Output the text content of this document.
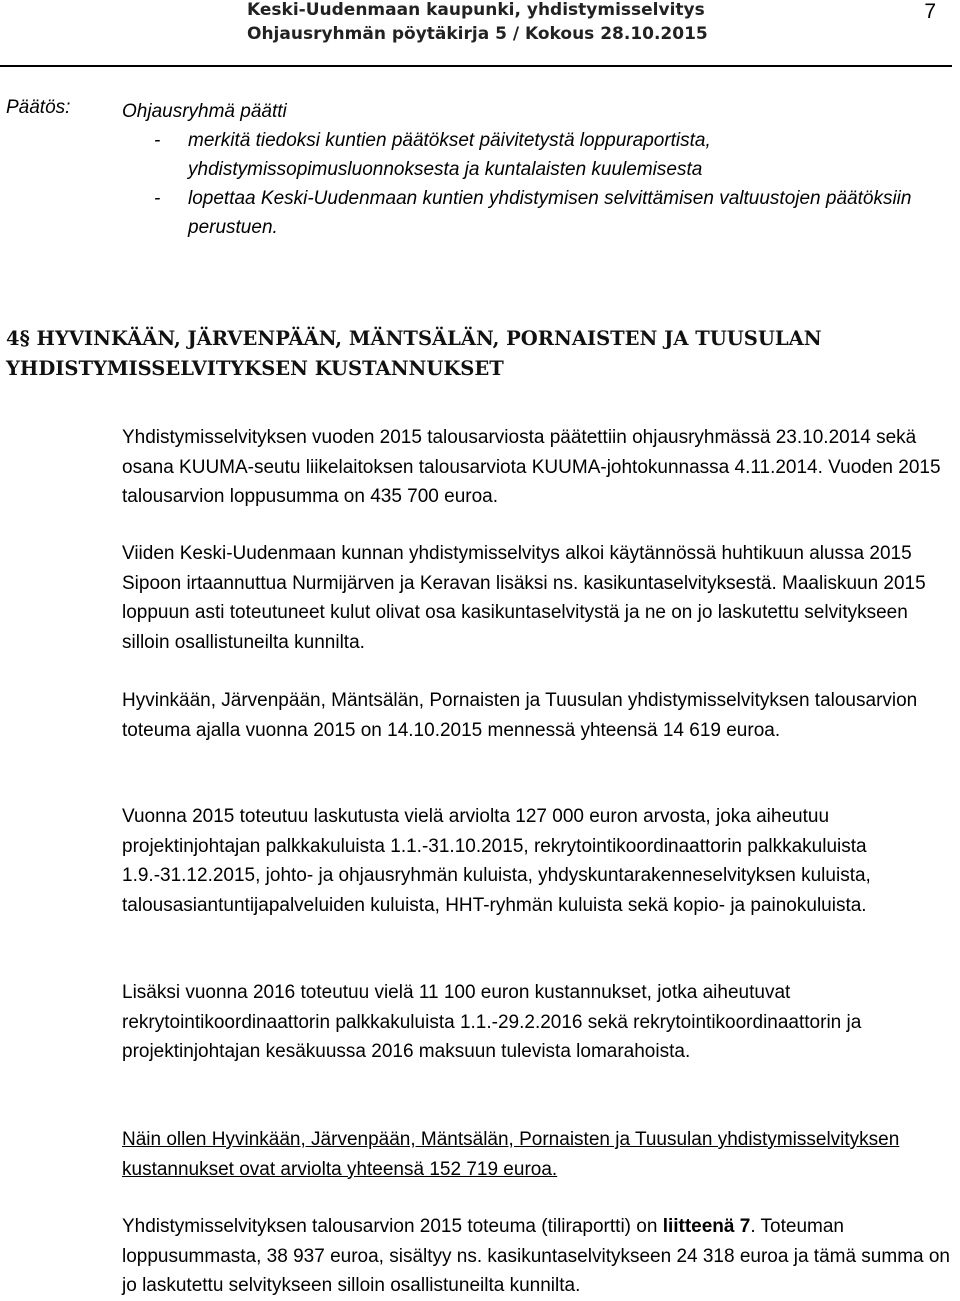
Keski-Uudenmaan kaupunki, yhdistymisselvitys
Ohjausryhmän pöytäkirja 5 / Kokous 28.10.2015
7
Päätös:	Ohjausryhmä päätti
- merkitä tiedoksi kuntien päätökset päivitetystä loppuraportista, yhdistymissopimusluonnoksesta ja kuntalaisten kuulemisesta
- lopettaa Keski-Uudenmaan kuntien yhdistymisen selvittämisen valtuustojen päätöksiin perustuen.
4§ HYVINKÄÄN, JÄRVENPÄÄN, MÄNTSÄLÄN, PORNAISTEN JA TUUSULAN YHDISTYMISSELVITYKSEN KUSTANNUKSET
Yhdistymisselvityksen vuoden 2015 talousarviosta päätettiin ohjausryhmässä 23.10.2014 sekä osana KUUMA-seutu liikelaitoksen talousarviota KUUMA-johtokunnassa 4.11.2014. Vuoden 2015 talousarvion loppusumma on 435 700 euroa.
Viiden Keski-Uudenmaan kunnan yhdistymisselvitys alkoi käytännössä huhtikuun alussa 2015 Sipoon irtaannuttua Nurmijärven ja Keravan lisäksi ns. kasikuntaselvityksestä. Maaliskuun 2015 loppuun asti toteutuneet kulut olivat osa kasikuntaselvitystä ja ne on jo laskutettu selvitykseen silloin osallistuneilta kunnilta.
Hyvinkään, Järvenpään, Mäntsälän, Pornaisten ja Tuusulan yhdistymisselvityksen talousarvion toteuma ajalla vuonna 2015 on 14.10.2015 mennessä yhteensä 14 619 euroa.
Vuonna 2015 toteutuu laskutusta vielä arviolta 127 000 euron arvosta, joka aiheutuu projektinjohtajan palkkakuluista 1.1.-31.10.2015, rekrytointikoordinaattorin palkkakuluista 1.9.-31.12.2015, johto- ja ohjausryhmän kuluista, yhdyskuntarakenneselvityksen kuluista, talousasiantuntijapalveluiden kuluista, HHT-ryhmän kuluista sekä kopio- ja painokuluista.
Lisäksi vuonna 2016 toteutuu vielä 11 100 euron kustannukset, jotka aiheutuvat rekrytointikoordinaattorin palkkakuluista 1.1.-29.2.2016 sekä rekrytointikoordinaattorin ja projektinjohtajan kesäkuussa 2016 maksuun tulevista lomarahoista.
Näin ollen Hyvinkään, Järvenpään, Mäntsälän, Pornaisten ja Tuusulan yhdistymisselvityksen kustannukset ovat arviolta yhteensä 152 719 euroa.
Yhdistymisselvityksen talousarvion 2015 toteuma (tiliraportti) on liitteenä 7. Toteuman loppusummasta, 38 937 euroa, sisältyy ns. kasikuntaselvitykseen 24 318 euroa ja tämä summa on jo laskutettu selvitykseen silloin osallistuneilta kunnilta.
